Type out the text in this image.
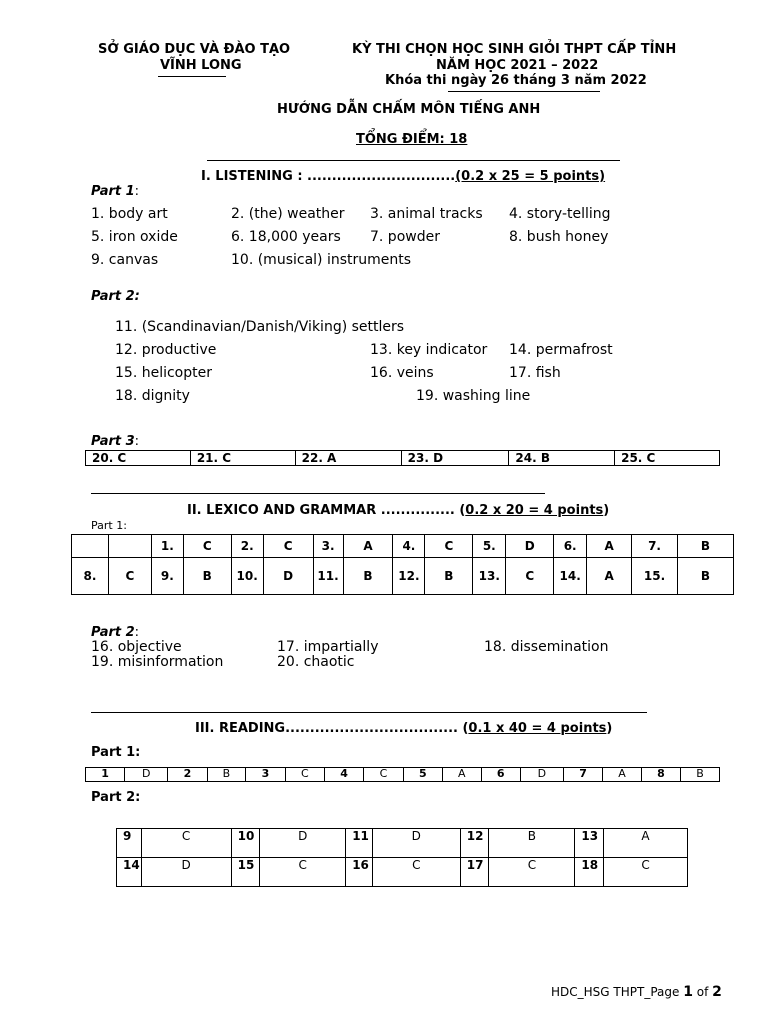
SỞ GIÁO DỤC VÀ ĐÀO TẠO
VĨNH LONG
KỲ THI CHỌN HỌC SINH GIỎI THPT CẤP TỈNH
NĂM HỌC 2021 – 2022
Khóa thi ngày 26 tháng 3 năm 2022
HƯỚNG DẪN CHẤM MÔN TIẾNG ANH
TỔNG ĐIỂM: 18
I. LISTENING : ..............................(0.2 x 25 = 5 points)
Part 1:
1. body art	2. (the) weather 3. animal tracks 4. story-telling
5. iron oxide	6. 18,000 years 7. powder	8. bush honey
9. canvas	10. (musical) instruments
Part 2:
11. (Scandinavian/Danish/Viking) settlers
12. productive	13. key indicator 14. permafrost
15. helicopter	16. veins	17. fish
18. dignity	19. washing line
Part 3:
20. C	21. C	22. A	23. D	24. B	25. C
II. LEXICO AND GRAMMAR ............... (0.2 x 20 = 4 points)
Part 1:
		1.	C	2.	C	3.	A	4.	C	5.	D	6.	A	7.	B
8.	C	9.	B	10.	D	11.	B	12.	B	13.	C	14.	A	15.	B
Part 2:
16. objective	17. impartially	18. dissemination
19. misinformation	20. chaotic
III. READING................................... (0.1 x 40 = 4 points)
Part 1:
1	D	2	B	3	C	4	C	5	A	6	D	7	A	8	B
Part 2:
9	C	10	D	11	D	12	B	13	A
14	D	15	C	16	C	17	C	18	C
HDC_HSG THPT_Page 1 of 2
